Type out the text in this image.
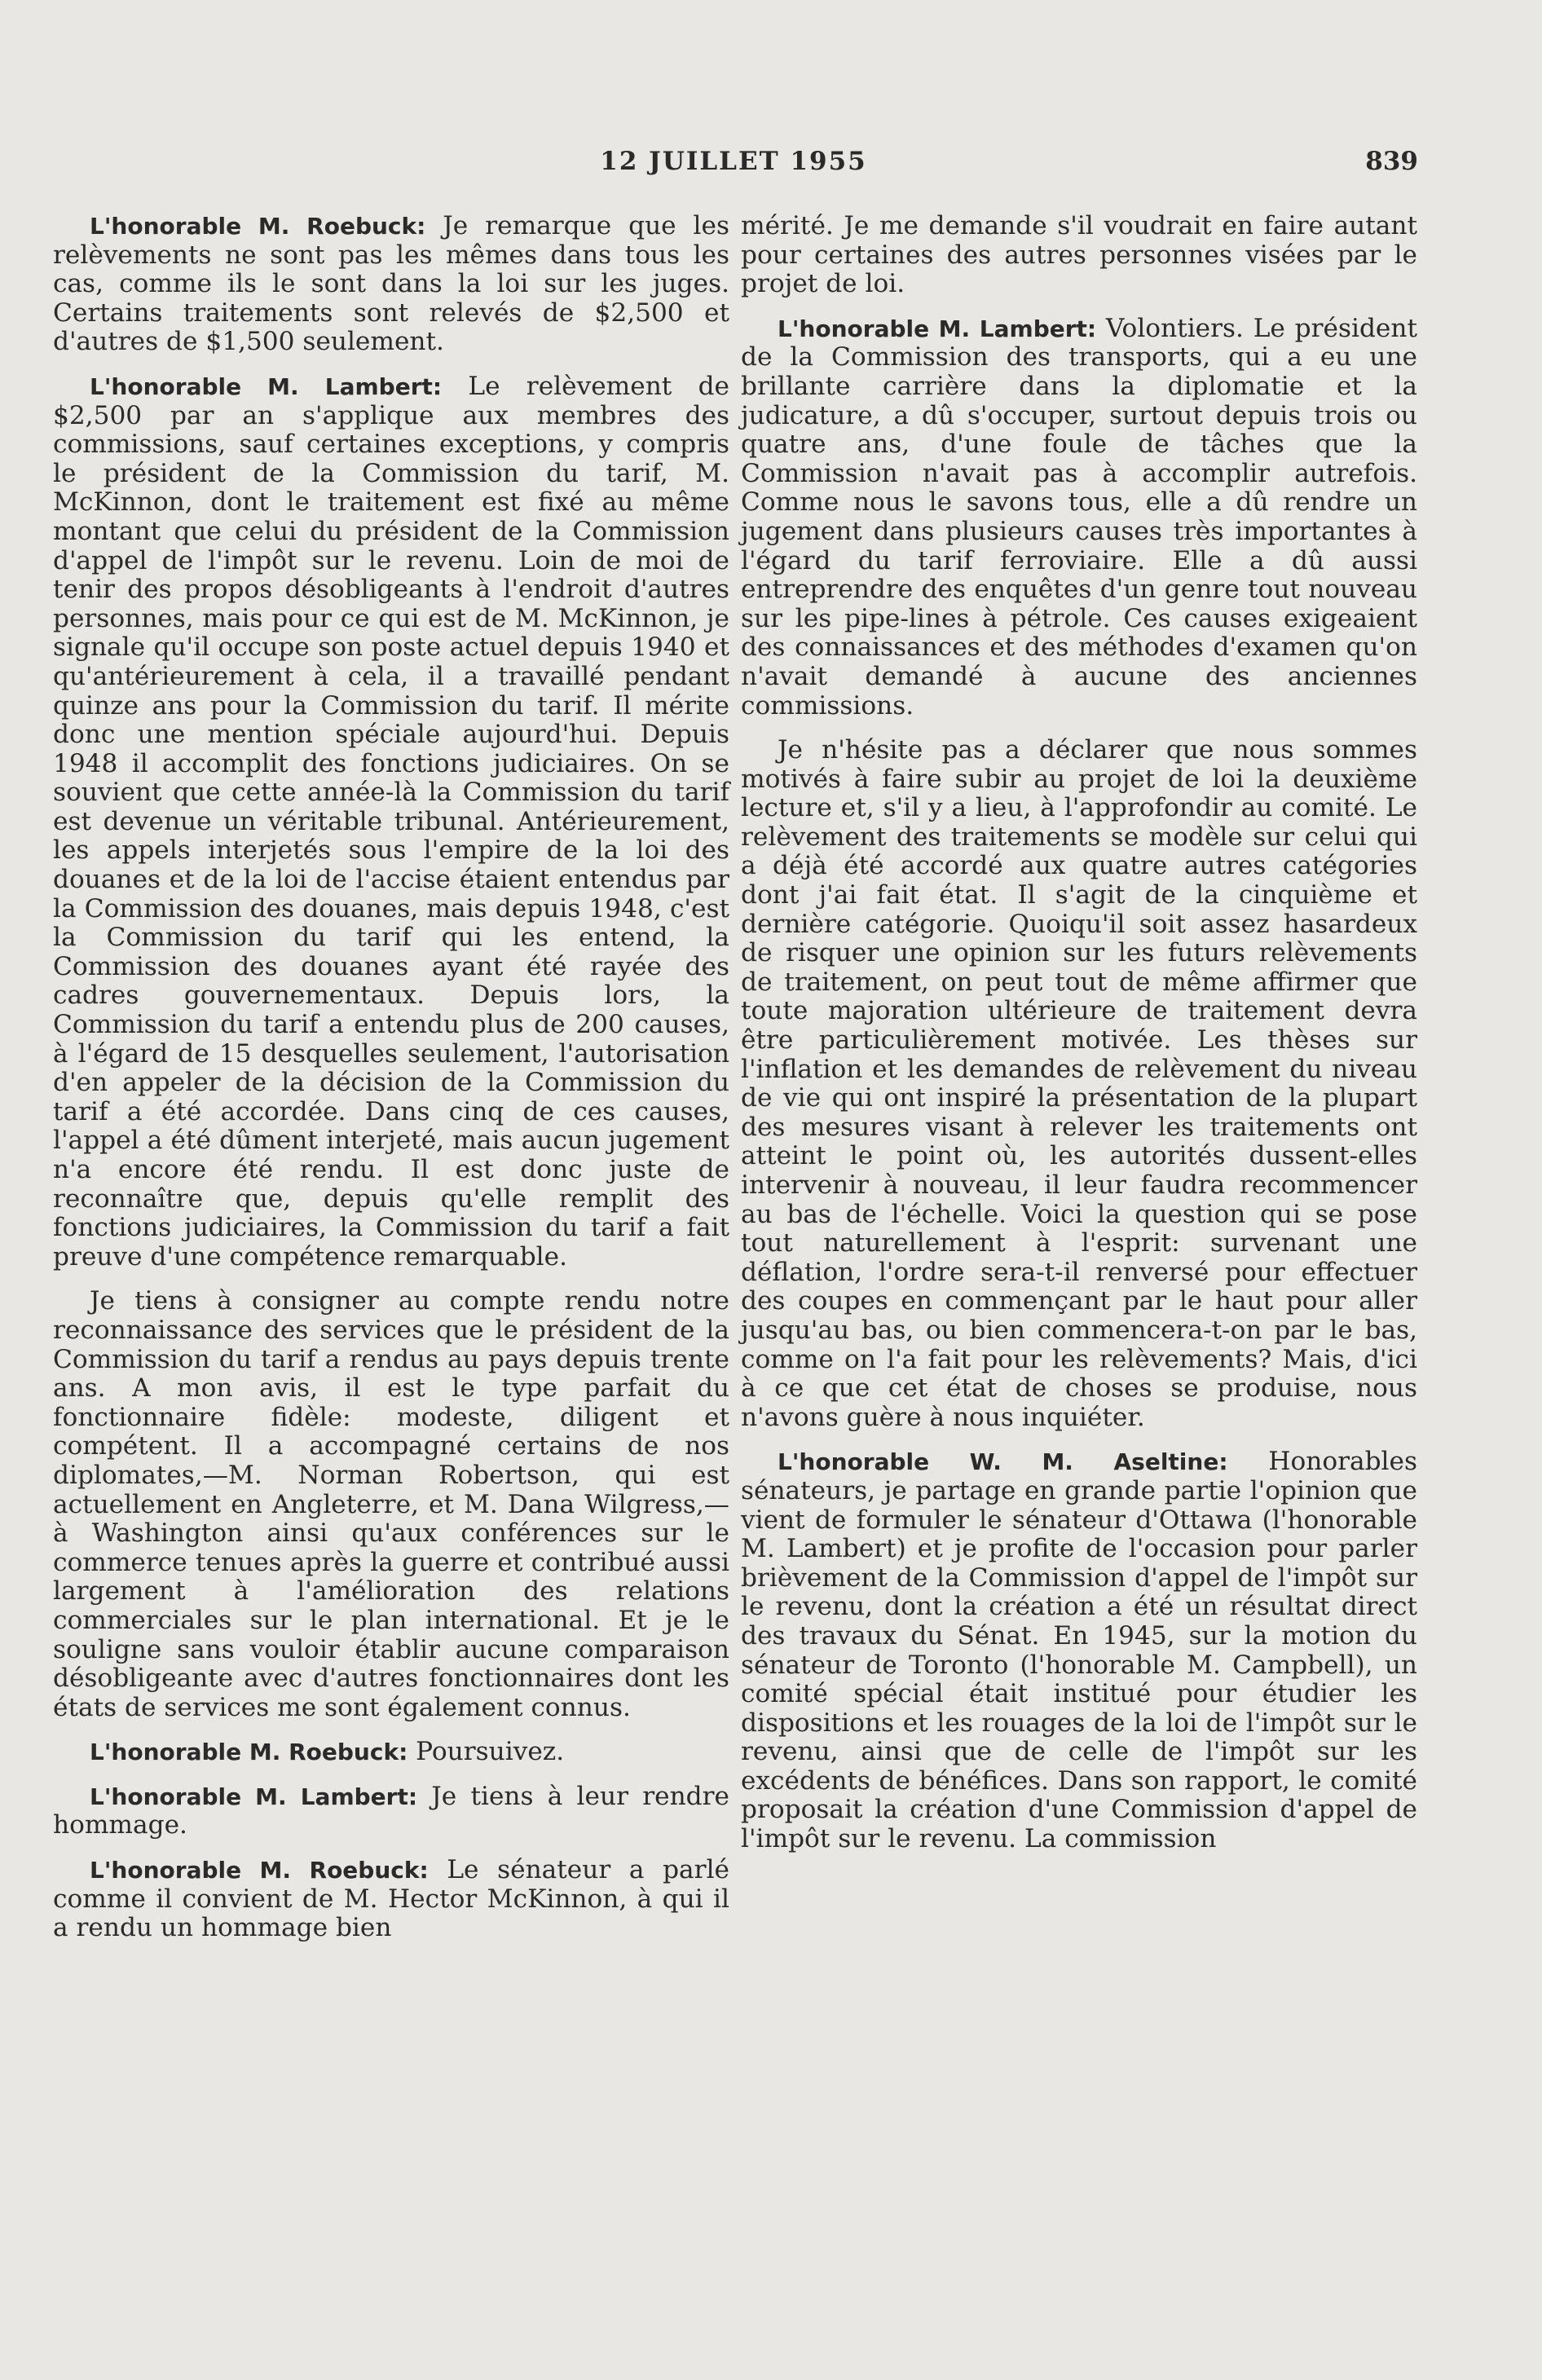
12 JUILLET 1955	839

L'honorable M. Roebuck: Je remarque que les relèvements ne sont pas les mêmes dans tous les cas, comme ils le sont dans la loi sur les juges. Certains traitements sont relevés de $2,500 et d'autres de $1,500 seulement.

L'honorable M. Lambert: Le relèvement de $2,500 par an s'applique aux membres des commissions, sauf certaines exceptions, y compris le président de la Commission du tarif, M. McKinnon, dont le traitement est fixé au même montant que celui du président de la Commission d'appel de l'impôt sur le revenu. Loin de moi de tenir des propos désobligeants à l'endroit d'autres personnes, mais pour ce qui est de M. McKinnon, je signale qu'il occupe son poste actuel depuis 1940 et qu'antérieurement à cela, il a travaillé pendant quinze ans pour la Commission du tarif. Il mérite donc une mention spéciale aujourd'hui. Depuis 1948 il accomplit des fonctions judiciaires. On se souvient que cette année-là la Commission du tarif est devenue un véritable tribunal. Antérieurement, les appels interjetés sous l'empire de la loi des douanes et de la loi de l'accise étaient entendus par la Commission des douanes, mais depuis 1948, c'est la Commission du tarif qui les entend, la Commission des douanes ayant été rayée des cadres gouvernementaux. Depuis lors, la Commission du tarif a entendu plus de 200 causes, à l'égard de 15 desquelles seulement, l'autorisation d'en appeler de la décision de la Commission du tarif a été accordée. Dans cinq de ces causes, l'appel a été dûment interjeté, mais aucun jugement n'a encore été rendu. Il est donc juste de reconnaître que, depuis qu'elle remplit des fonctions judiciaires, la Commission du tarif a fait preuve d'une compétence remarquable.

Je tiens à consigner au compte rendu notre reconnaissance des services que le président de la Commission du tarif a rendus au pays depuis trente ans. A mon avis, il est le type parfait du fonctionnaire fidèle: modeste, diligent et compétent. Il a accompagné certains de nos diplomates,—M. Norman Robertson, qui est actuellement en Angleterre, et M. Dana Wilgress,—à Washington ainsi qu'aux conférences sur le commerce tenues après la guerre et contribué aussi largement à l'amélioration des relations commerciales sur le plan international. Et je le souligne sans vouloir établir aucune comparaison désobligeante avec d'autres fonctionnaires dont les états de services me sont également connus.

L'honorable M. Roebuck: Poursuivez.

L'honorable M. Lambert: Je tiens à leur rendre hommage.

L'honorable M. Roebuck: Le sénateur a parlé comme il convient de M. Hector McKinnon, à qui il a rendu un hommage bien

mérité. Je me demande s'il voudrait en faire autant pour certaines des autres personnes visées par le projet de loi.

L'honorable M. Lambert: Volontiers. Le président de la Commission des transports, qui a eu une brillante carrière dans la diplomatie et la judicature, a dû s'occuper, surtout depuis trois ou quatre ans, d'une foule de tâches que la Commission n'avait pas à accomplir autrefois. Comme nous le savons tous, elle a dû rendre un jugement dans plusieurs causes très importantes à l'égard du tarif ferroviaire. Elle a dû aussi entreprendre des enquêtes d'un genre tout nouveau sur les pipe-lines à pétrole. Ces causes exigeaient des connaissances et des méthodes d'examen qu'on n'avait demandé à aucune des anciennes commissions.

Je n'hésite pas a déclarer que nous sommes motivés à faire subir au projet de loi la deuxième lecture et, s'il y a lieu, à l'approfondir au comité. Le relèvement des traitements se modèle sur celui qui a déjà été accordé aux quatre autres catégories dont j'ai fait état. Il s'agit de la cinquième et dernière catégorie. Quoiqu'il soit assez hasardeux de risquer une opinion sur les futurs relèvements de traitement, on peut tout de même affirmer que toute majoration ultérieure de traitement devra être particulièrement motivée. Les thèses sur l'inflation et les demandes de relèvement du niveau de vie qui ont inspiré la présentation de la plupart des mesures visant à relever les traitements ont atteint le point où, les autorités dussent-elles intervenir à nouveau, il leur faudra recommencer au bas de l'échelle. Voici la question qui se pose tout naturellement à l'esprit: survenant une déflation, l'ordre sera-t-il renversé pour effectuer des coupes en commençant par le haut pour aller jusqu'au bas, ou bien commencera-t-on par le bas, comme on l'a fait pour les relèvements? Mais, d'ici à ce que cet état de choses se produise, nous n'avons guère à nous inquiéter.

L'honorable W. M. Aseltine: Honorables sénateurs, je partage en grande partie l'opinion que vient de formuler le sénateur d'Ottawa (l'honorable M. Lambert) et je profite de l'occasion pour parler brièvement de la Commission d'appel de l'impôt sur le revenu, dont la création a été un résultat direct des travaux du Sénat. En 1945, sur la motion du sénateur de Toronto (l'honorable M. Campbell), un comité spécial était institué pour étudier les dispositions et les rouages de la loi de l'impôt sur le revenu, ainsi que de celle de l'impôt sur les excédents de bénéfices. Dans son rapport, le comité proposait la création d'une Commission d'appel de l'impôt sur le revenu. La commission
